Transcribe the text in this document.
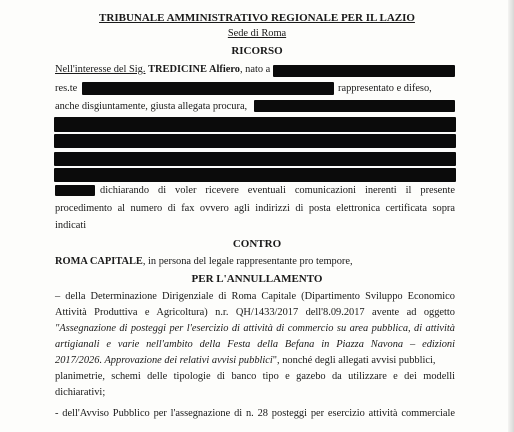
TRIBUNALE AMMINISTRATIVO REGIONALE PER IL LAZIO
Sede di Roma
RICORSO
Nell'interesse del Sig. TREDICINE Alfiero, nato a
res.te	rappresentato e difeso,
anche disgiuntamente, giusta allegata procura,
dichiarando di voler ricevere eventuali comunicazioni inerenti il presente
procedimento al numero di fax ovvero agli indirizzi di posta elettronica certificata sopra
indicati
CONTRO
ROMA CAPITALE, in persona del legale rappresentante pro tempore,
PER L'ANNULLAMENTO
– della Determinazione Dirigenziale di Roma Capitale (Dipartimento Sviluppo Economico
Attività Produttiva e Agricoltura) n.r. QH/1433/2017 dell'8.09.2017 avente ad oggetto
"Assegnazione di posteggi per l'esercizio di attività di commercio su area pubblica, di attività
artigianali e varie nell'ambito della Festa della Befana in Piazza Navona – edizioni
2017/2026. Approvazione dei relativi avvisi pubblici", nonché degli allegati avvisi pubblici,
planimetrie, schemi delle tipologie di banco tipo e gazebo da utilizzare e dei modelli
dichiarativi;
- dell'Avviso Pubblico per l'assegnazione di n. 28 posteggi per esercizio attività commerciale
